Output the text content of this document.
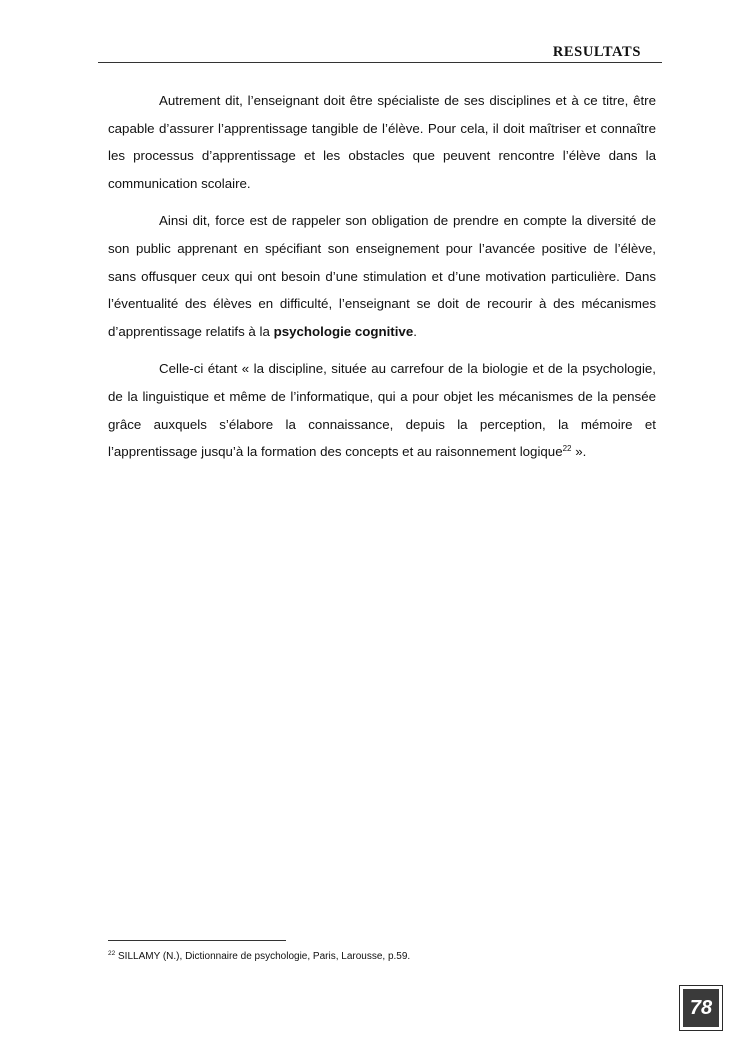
RESULTATS

Autrement dit, l’enseignant doit être spécialiste de ses disciplines et à ce titre, être capable d’assurer l’apprentissage tangible de l’élève. Pour cela, il doit maîtriser et connaître les processus d’apprentissage et les obstacles que peuvent rencontre l’élève dans la communication scolaire.

Ainsi dit, force est de rappeler son obligation de prendre en compte la diversité de son public apprenant en spécifiant son enseignement pour l’avancée positive de l’élève, sans offusquer ceux qui ont besoin d’une stimulation et d’une motivation particulière. Dans l’éventualité des élèves en difficulté, l’enseignant se doit de recourir à des mécanismes d’apprentissage relatifs à la psychologie cognitive.

Celle-ci étant « la discipline, située au carrefour de la biologie et de la psychologie, de la linguistique et même de l’informatique, qui a pour objet les mécanismes de la pensée grâce auxquels s’élabore la connaissance, depuis la perception, la mémoire et l’apprentissage jusqu’à la formation des concepts et au raisonnement logique$^{22}$ ».

$^{22}$ SILLAMY (N.), Dictionnaire de psychologie, Paris, Larousse, p.59.
78
